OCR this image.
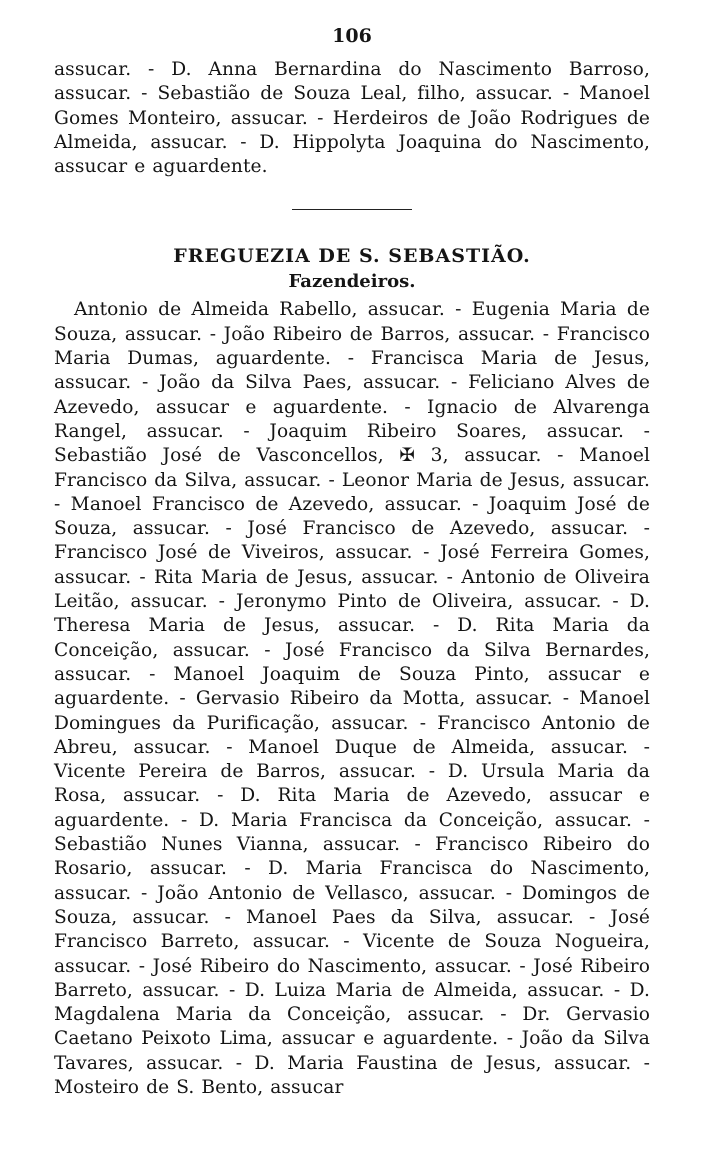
106

assucar. - D. Anna Bernardina do Nascimento Barroso, assucar. - Sebastião de Souza Leal, filho, assucar. - Manoel Gomes Monteiro, assucar. - Herdeiros de João Rodrigues de Almeida, assucar. - D. Hippolyta Joaquina do Nascimento, assucar e aguardente.

FREGUEZIA DE S. SEBASTIÃO.
Fazendeiros.

Antonio de Almeida Rabello, assucar. - Eugenia Maria de Souza, assucar. - João Ribeiro de Barros, assucar. - Francisco Maria Dumas, aguardente. - Francisca Maria de Jesus, assucar. - João da Silva Paes, assucar. - Feliciano Alves de Azevedo, assucar e aguardente. - Ignacio de Alvarenga Rangel, assucar. - Joaquim Ribeiro Soares, assucar. - Sebastião José de Vasconcellos, ✠ 3, assucar. - Manoel Francisco da Silva, assucar. - Leonor Maria de Jesus, assucar. - Manoel Francisco de Azevedo, assucar. - Joaquim José de Souza, assucar. - José Francisco de Azevedo, assucar. - Francisco José de Viveiros, assucar. - José Ferreira Gomes, assucar. - Rita Maria de Jesus, assucar. - Antonio de Oliveira Leitão, assucar. - Jeronymo Pinto de Oliveira, assucar. - D. Theresa Maria de Jesus, assucar. - D. Rita Maria da Conceição, assucar. - José Francisco da Silva Bernardes, assucar. - Manoel Joaquim de Souza Pinto, assucar e aguardente. - Gervasio Ribeiro da Motta, assucar. - Manoel Domingues da Purificação, assucar. - Francisco Antonio de Abreu, assucar. - Manoel Duque de Almeida, assucar. - Vicente Pereira de Barros, assucar. - D. Ursula Maria da Rosa, assucar. - D. Rita Maria de Azevedo, assucar e aguardente. - D. Maria Francisca da Conceição, assucar. - Sebastião Nunes Vianna, assucar. - Francisco Ribeiro do Rosario, assucar. - D. Maria Francisca do Nascimento, assucar. - João Antonio de Vellasco, assucar. - Domingos de Souza, assucar. - Manoel Paes da Silva, assucar. - José Francisco Barreto, assucar. - Vicente de Souza Nogueira, assucar. - José Ribeiro do Nascimento, assucar. - José Ribeiro Barreto, assucar. - D. Luiza Maria de Almeida, assucar. - D. Magdalena Maria da Conceição, assucar. - Dr. Gervasio Caetano Peixoto Lima, assucar e aguardente. - João da Silva Tavares, assucar. - D. Maria Faustina de Jesus, assucar. - Mosteiro de S. Bento, assucar
